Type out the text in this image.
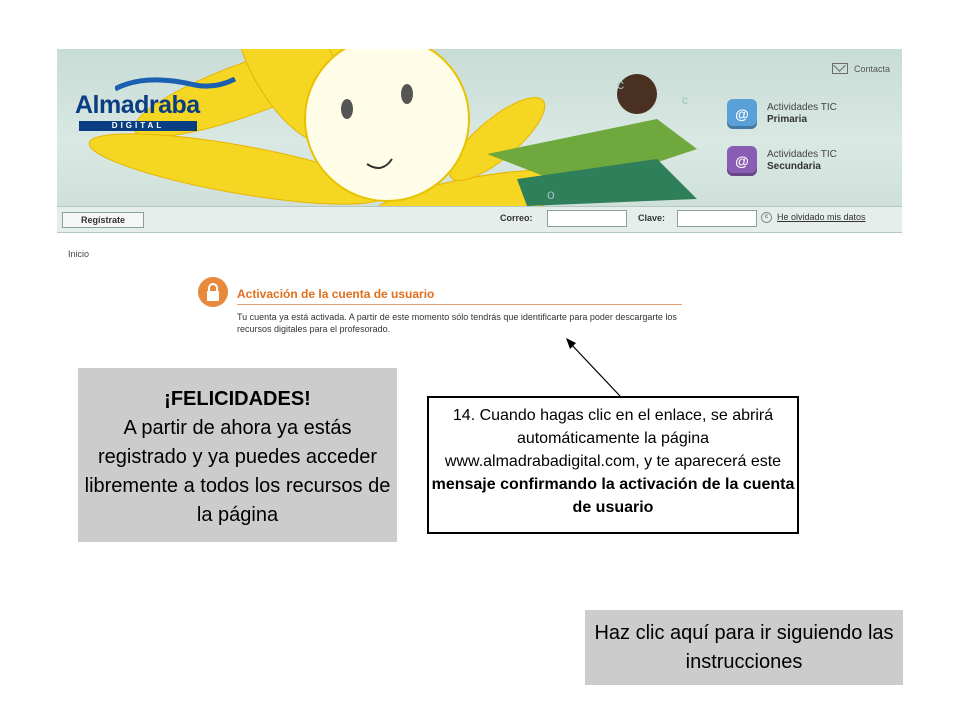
c
o
c
Almadraba
DIGITAL
Contacta
@	Actividades TIC
Primaria
@	Actividades TIC
Secundaria
Regístrate	Correo:	Clave:	c	He olvidado mis datos
Inicio
Activación de la cuenta de usuario
Tu cuenta ya está activada. A partir de este momento sólo tendrás que identificarte para poder descargarte los recursos digitales para el profesorado.
¡FELICIDADES!
A partir de ahora ya estás registrado y ya puedes acceder libremente a todos los recursos de la página
14. Cuando hagas clic en el enlace, se abrirá automáticamente la página www.almadrabadigital.com, y te aparecerá este mensaje confirmando la activación de la cuenta de usuario
Haz clic aquí para ir siguiendo las instrucciones
